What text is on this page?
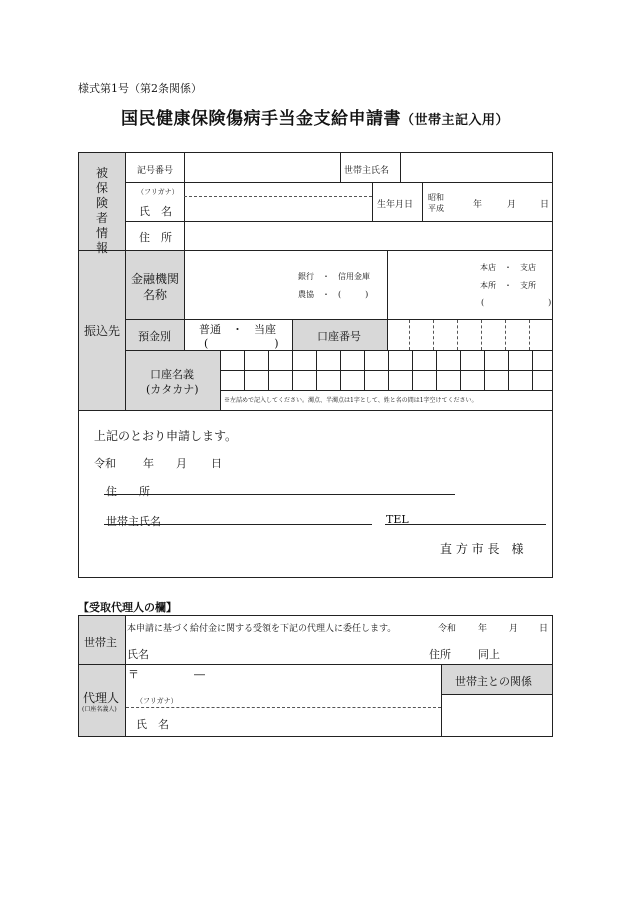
様式第1号（第2条関係）
国民健康保険傷病手当金支給申請書（世帯主記入用）
被
保
険
者
情
報
記号番号	世帯主氏名
（フリガナ）
氏　名	生年月日
昭和
平成	年	月	日
住　所
振込先
金融機関
名称
銀行　・　信用金庫
農協　・　(　　　)
本店　・　支店
本所　・　支所
(　　　　　　　　)
預金別
普通　・　当座
(　　　　　　)
口座番号
口座名義
(カタカナ)
※左詰めで記入してください。濁点、半濁点は1字として、姓と名の間は1字空けてください。
上記のとおり申請します。
令和 年 月 日
住　　所
世帯主氏名	TEL
直 方 市 長　様
【受取代理人の欄】
世帯主
本申請に基づく給付金に関する受領を下記の代理人に委任します。	令和 年 月 日
氏名	住所 同上
代理人
(口座名義人)
〒　　　　　―
（フリガナ）
氏　名
世帯主との関係
